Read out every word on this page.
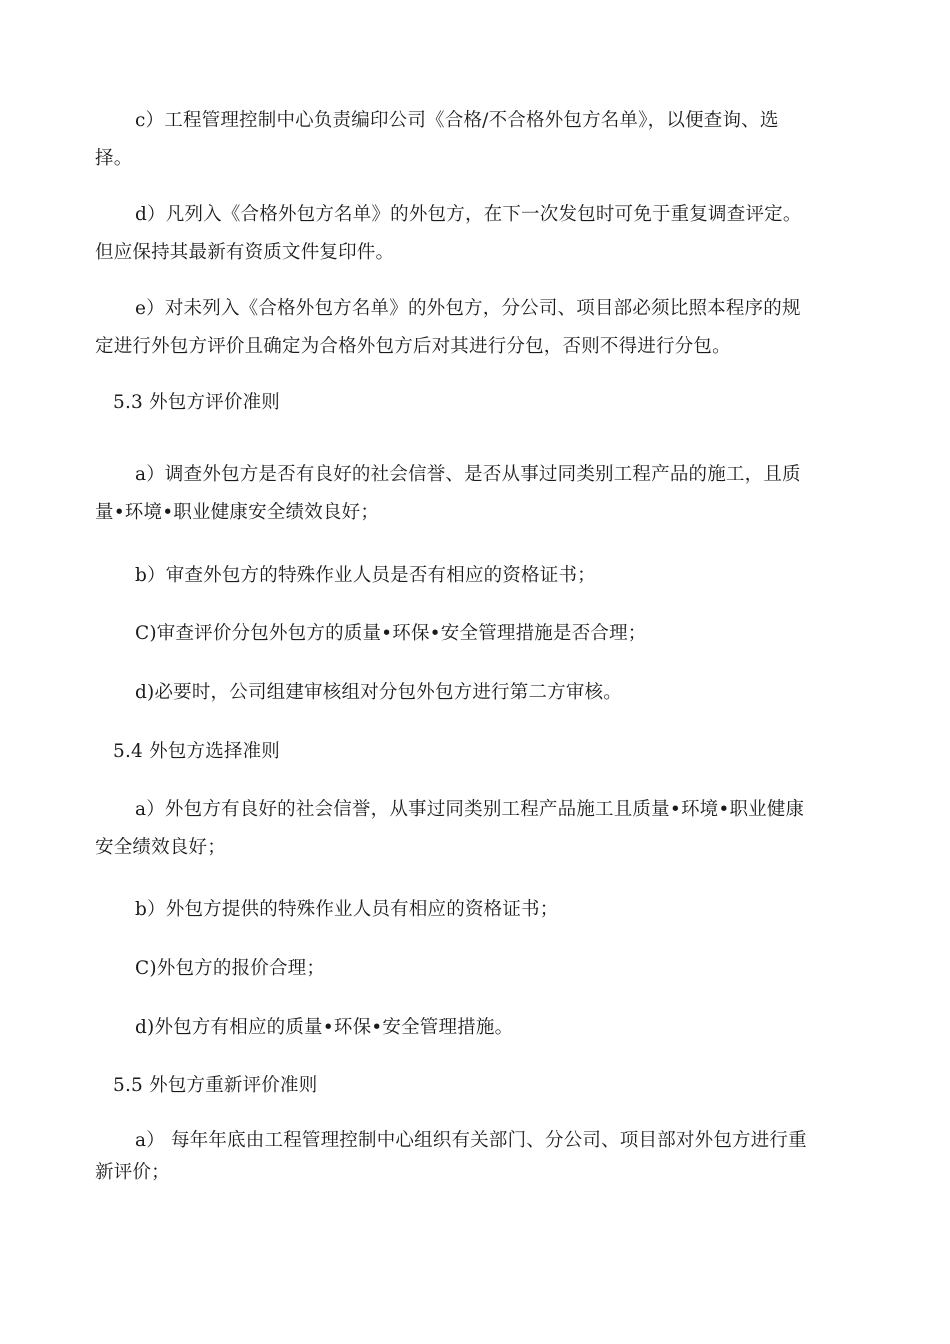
c）工程管理控制中心负责编印公司《合格/不合格外包方名单》，以便查询、选
择。
d）凡列入《合格外包方名单》的外包方，在下一次发包时可免于重复调查评定。
但应保持其最新有资质文件复印件。
e）对未列入《合格外包方名单》的外包方，分公司、项目部必须比照本程序的规
定进行外包方评价且确定为合格外包方后对其进行分包，否则不得进行分包。
5.3 外包方评价准则
a）调查外包方是否有良好的社会信誉、是否从事过同类别工程产品的施工，且质
量•环境•职业健康安全绩效良好；
b）审查外包方的特殊作业人员是否有相应的资格证书；
C)审查评价分包外包方的质量•环保•安全管理措施是否合理；
d)必要时，公司组建审核组对分包外包方进行第二方审核。
5.4 外包方选择准则
a）外包方有良好的社会信誉，从事过同类别工程产品施工且质量•环境•职业健康
安全绩效良好；
b）外包方提供的特殊作业人员有相应的资格证书；
C)外包方的报价合理；
d)外包方有相应的质量•环保•安全管理措施。
5.5 外包方重新评价准则
a） 每年年底由工程管理控制中心组织有关部门、分公司、项目部对外包方进行重
新评价；
